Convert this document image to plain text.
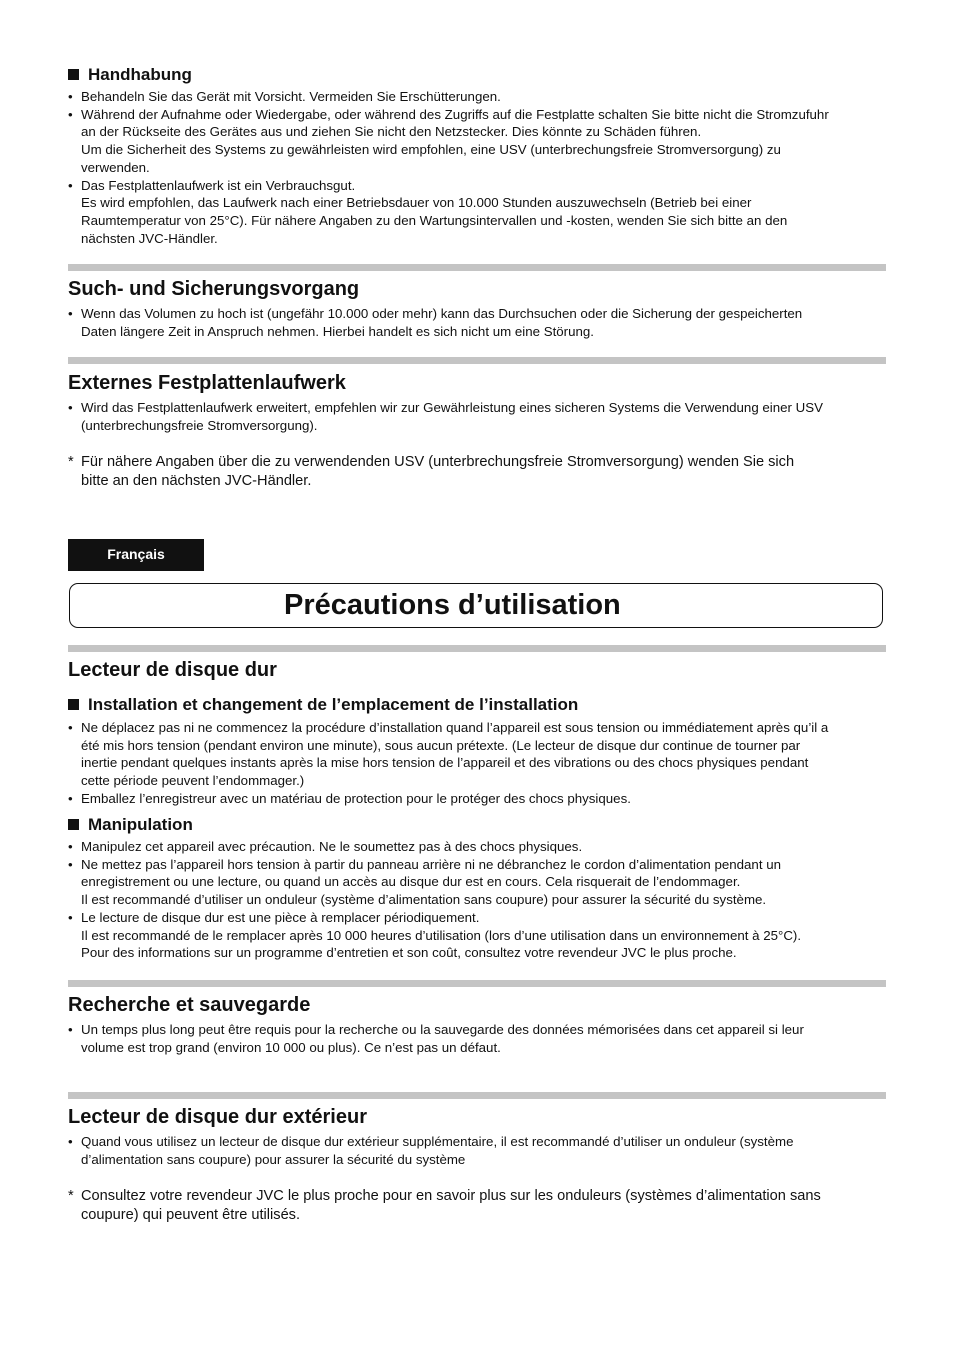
Handhabung
• Behandeln Sie das Gerät mit Vorsicht. Vermeiden Sie Erschütterungen.
• Während der Aufnahme oder Wiedergabe, oder während des Zugriffs auf die Festplatte schalten Sie bitte nicht die Stromzufuhr
an der Rückseite des Gerätes aus und ziehen Sie nicht den Netzstecker. Dies könnte zu Schäden führen.
Um die Sicherheit des Systems zu gewährleisten wird empfohlen, eine USV (unterbrechungsfreie Stromversorgung) zu
verwenden.
• Das Festplattenlaufwerk ist ein Verbrauchsgut.
Es wird empfohlen, das Laufwerk nach einer Betriebsdauer von 10.000 Stunden auszuwechseln (Betrieb bei einer
Raumtemperatur von 25°C). Für nähere Angaben zu den Wartungsintervallen und -kosten, wenden Sie sich bitte an den
nächsten JVC-Händler.
Such- und Sicherungsvorgang
• Wenn das Volumen zu hoch ist (ungefähr 10.000 oder mehr) kann das Durchsuchen oder die Sicherung der gespeicherten
Daten längere Zeit in Anspruch nehmen. Hierbei handelt es sich nicht um eine Störung.
Externes Festplattenlaufwerk
• Wird das Festplattenlaufwerk erweitert, empfehlen wir zur Gewährleistung eines sicheren Systems die Verwendung einer USV
(unterbrechungsfreie Stromversorgung).
* Für nähere Angaben über die zu verwendenden USV (unterbrechungsfreie Stromversorgung) wenden Sie sich
bitte an den nächsten JVC-Händler.
Français
Précautions d’utilisation
Lecteur de disque dur
Installation et changement de l’emplacement de l’installation
• Ne déplacez pas ni ne commencez la procédure d’installation quand l’appareil est sous tension ou immédiatement après qu’il a
été mis hors tension (pendant environ une minute), sous aucun prétexte. (Le lecteur de disque dur continue de tourner par
inertie pendant quelques instants après la mise hors tension de l’appareil et des vibrations ou des chocs physiques pendant
cette période peuvent l’endommager.)
• Emballez l’enregistreur avec un matériau de protection pour le protéger des chocs physiques.
Manipulation
• Manipulez cet appareil avec précaution. Ne le soumettez pas à des chocs physiques.
• Ne mettez pas l’appareil hors tension à partir du panneau arrière ni ne débranchez le cordon d’alimentation pendant un
enregistrement ou une lecture, ou quand un accès au disque dur est en cours. Cela risquerait de l’endommager.
Il est recommandé d’utiliser un onduleur (système d’alimentation sans coupure) pour assurer la sécurité du système.
• Le lecture de disque dur est une pièce à remplacer périodiquement.
Il est recommandé de le remplacer après 10 000 heures d’utilisation (lors d’une utilisation dans un environnement à 25°C).
Pour des informations sur un programme d’entretien et son coût, consultez votre revendeur JVC le plus proche.
Recherche et sauvegarde
• Un temps plus long peut être requis pour la recherche ou la sauvegarde des données mémorisées dans cet appareil si leur
volume est trop grand (environ 10 000 ou plus). Ce n’est pas un défaut.
Lecteur de disque dur extérieur
• Quand vous utilisez un lecteur de disque dur extérieur supplémentaire, il est recommandé d’utiliser un onduleur (système
d’alimentation sans coupure) pour assurer la sécurité du système
* Consultez votre revendeur JVC le plus proche pour en savoir plus sur les onduleurs (systèmes d’alimentation sans
coupure) qui peuvent être utilisés.
